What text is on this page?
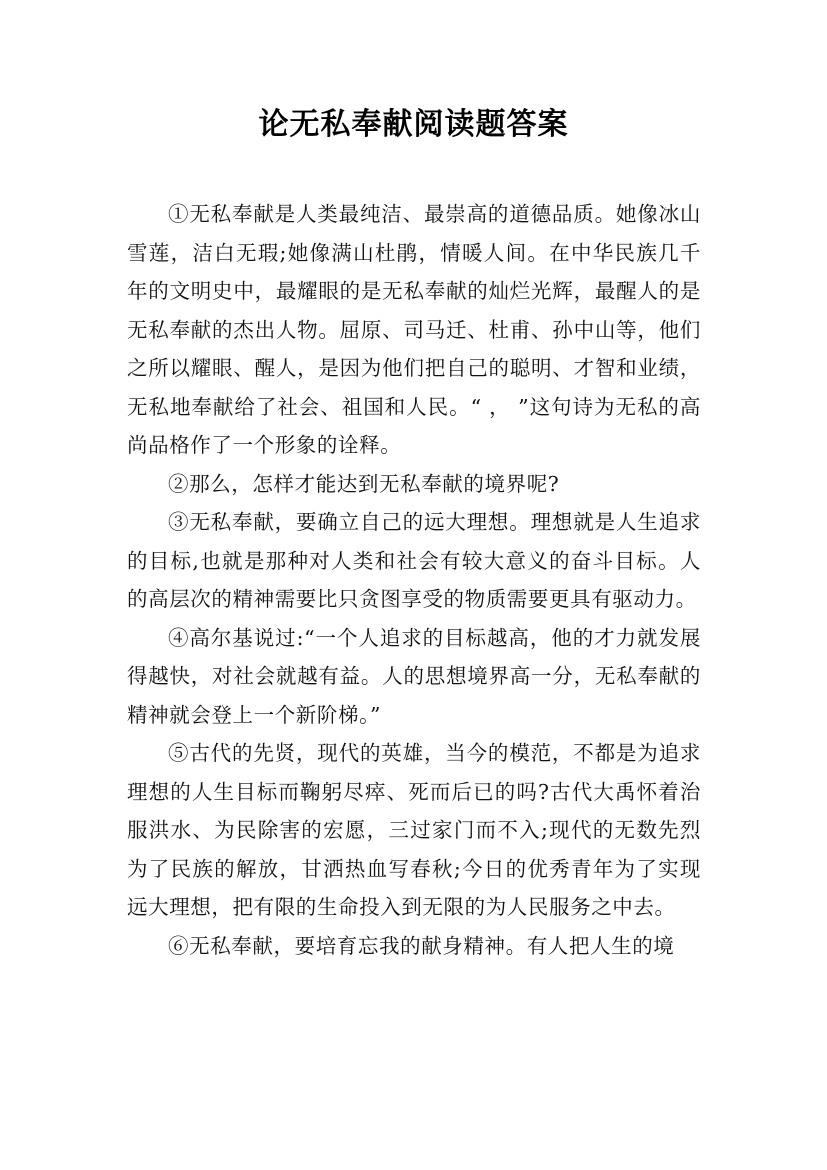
论无私奉献阅读题答案

①无私奉献是人类最纯洁、最崇高的道德品质。她像冰山雪莲，洁白无瑕;她像满山杜鹃，情暖人间。在中华民族几千年的文明史中，最耀眼的是无私奉献的灿烂光辉，最醒人的是无私奉献的杰出人物。屈原、司马迁、杜甫、孙中山等，他们之所以耀眼、醒人，是因为他们把自己的聪明、才智和业绩，无私地奉献给了社会、祖国和人民。“ ， ”这句诗为无私的高尚品格作了一个形象的诠释。

②那么，怎样才能达到无私奉献的境界呢?

③无私奉献，要确立自己的远大理想。理想就是人生追求的目标,也就是那种对人类和社会有较大意义的奋斗目标。人的高层次的精神需要比只贪图享受的物质需要更具有驱动力。

④高尔基说过:“一个人追求的目标越高，他的才力就发展得越快，对社会就越有益。人的思想境界高一分，无私奉献的精神就会登上一个新阶梯。”

⑤古代的先贤，现代的英雄，当今的模范，不都是为追求理想的人生目标而鞠躬尽瘁、死而后已的吗?古代大禹怀着治服洪水、为民除害的宏愿，三过家门而不入;现代的无数先烈为了民族的解放，甘洒热血写春秋;今日的优秀青年为了实现远大理想，把有限的生命投入到无限的为人民服务之中去。

⑥无私奉献，要培育忘我的献身精神。有人把人生的境
